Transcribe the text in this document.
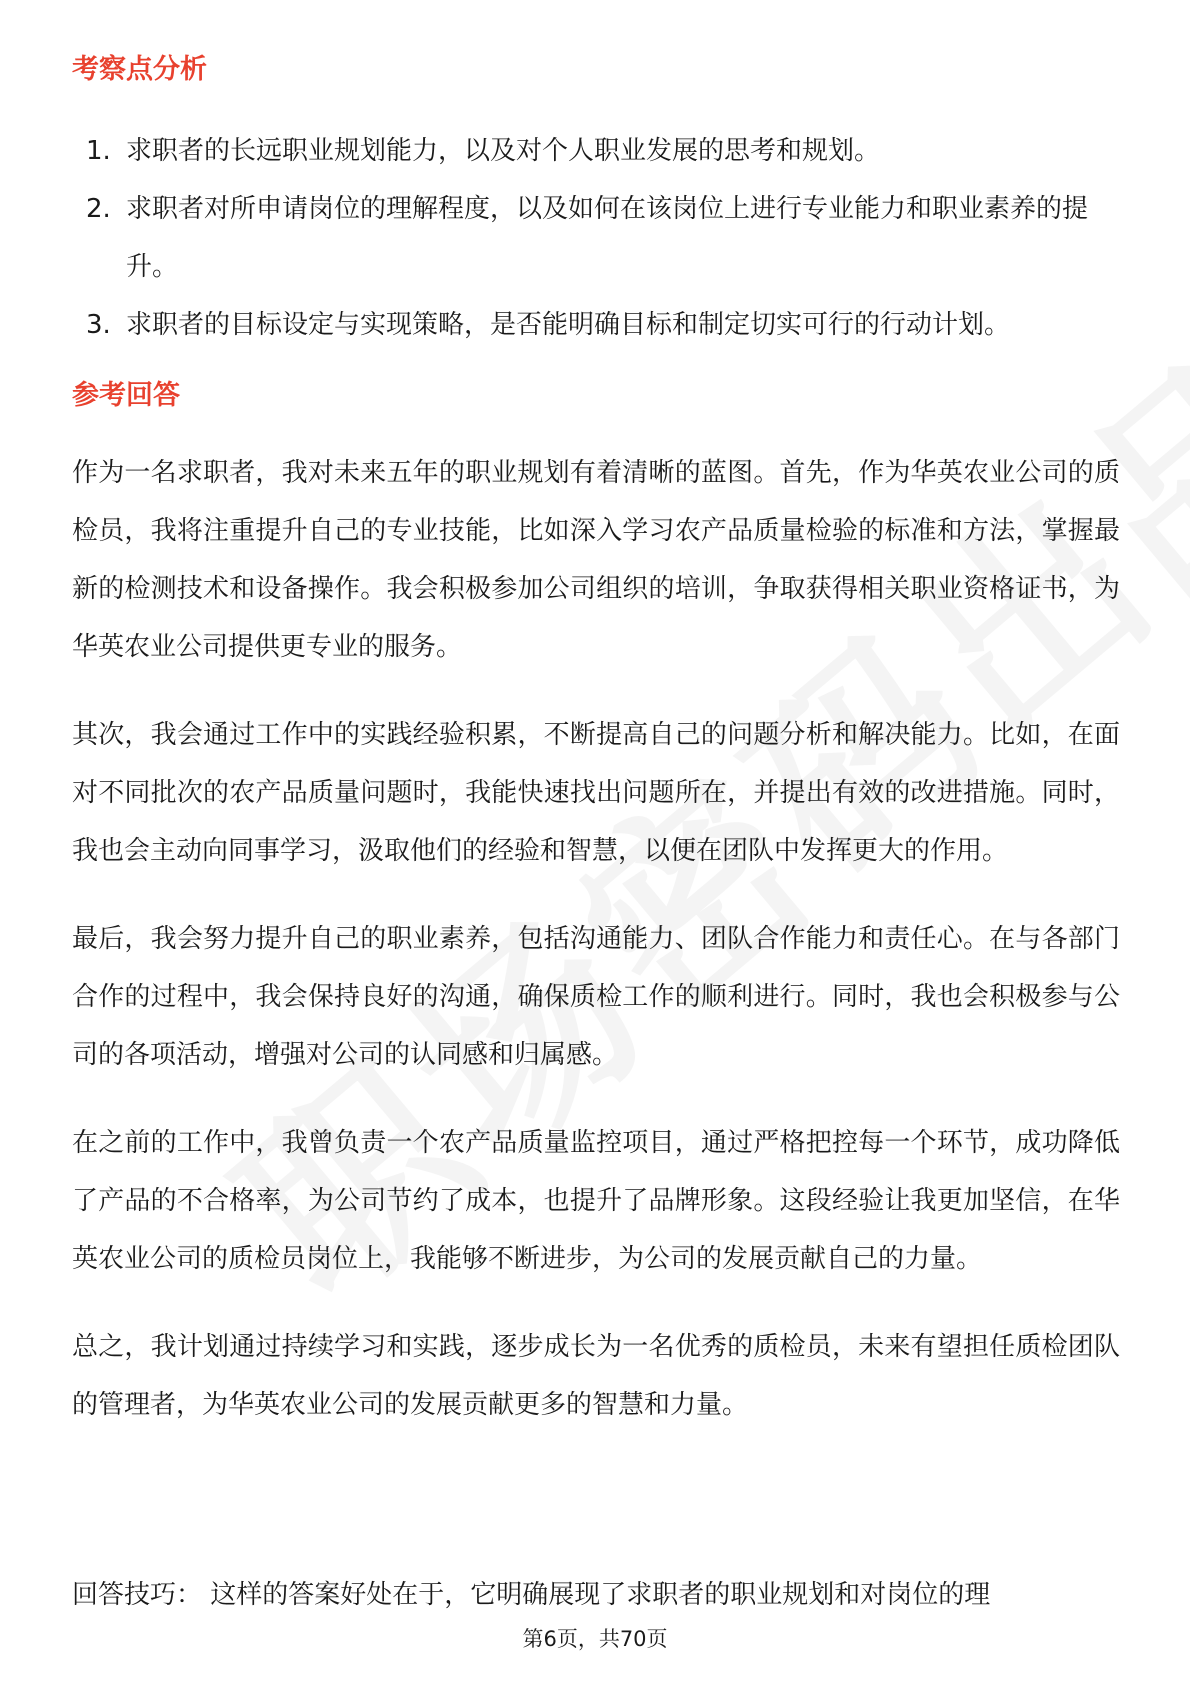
考察点分析
1. 求职者的长远职业规划能力，以及对个人职业发展的思考和规划。
2. 求职者对所申请岗位的理解程度，以及如何在该岗位上进行专业能力和职业素养的提升。
3. 求职者的目标设定与实现策略，是否能明确目标和制定切实可行的行动计划。
参考回答

作为一名求职者，我对未来五年的职业规划有着清晰的蓝图。首先，作为华英农业公司的质检员，我将注重提升自己的专业技能，比如深入学习农产品质量检验的标准和方法，掌握最新的检测技术和设备操作。我会积极参加公司组织的培训，争取获得相关职业资格证书，为华英农业公司提供更专业的服务。

其次，我会通过工作中的实践经验积累，不断提高自己的问题分析和解决能力。比如，在面对不同批次的农产品质量问题时，我能快速找出问题所在，并提出有效的改进措施。同时，我也会主动向同事学习，汲取他们的经验和智慧，以便在团队中发挥更大的作用。

最后，我会努力提升自己的职业素养，包括沟通能力、团队合作能力和责任心。在与各部门合作的过程中，我会保持良好的沟通，确保质检工作的顺利进行。同时，我也会积极参与公司的各项活动，增强对公司的认同感和归属感。

在之前的工作中，我曾负责一个农产品质量监控项目，通过严格把控每一个环节，成功降低了产品的不合格率，为公司节约了成本，也提升了品牌形象。这段经验让我更加坚信，在华英农业公司的质检员岗位上，我能够不断进步，为公司的发展贡献自己的力量。

总之，我计划通过持续学习和实践，逐步成长为一名优秀的质检员，未来有望担任质检团队的管理者，为华英农业公司的发展贡献更多的智慧和力量。

回答技巧： 这样的答案好处在于，它明确展现了求职者的职业规划和对岗位的理

第6页，共70页
